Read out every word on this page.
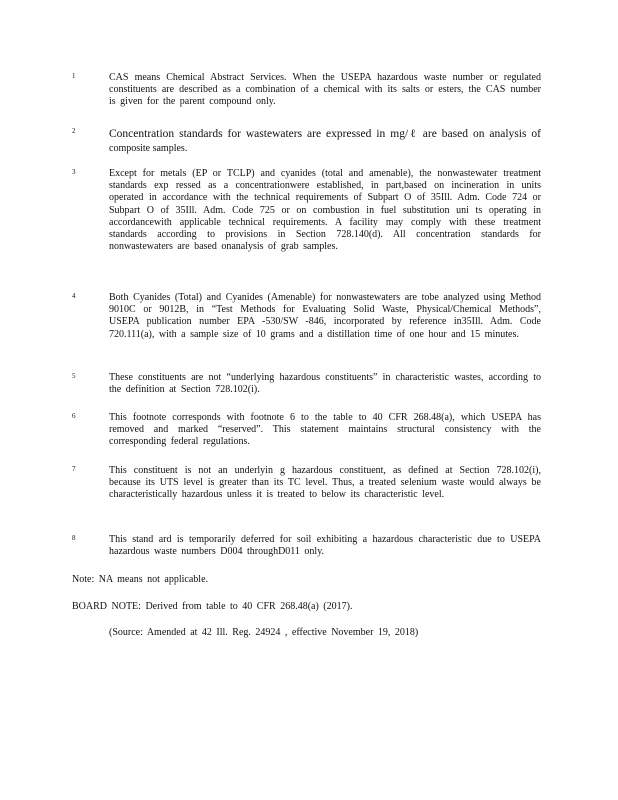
1	CAS means Chemical Abstract Services. When the USEPA hazardous waste number or regulated constituents are described as a combination of a chemical with its salts or esters, the CAS number is given for the parent compound only.

2	Concentration standards for wastewaters are expressed in mg/ℓ are based on analysis of composite samples.

3	Except for metals (EP or TCLP) and cyanides (total and amenable), the nonwastewater treatment standards exp ressed as a concentrationwere established, in part,based on incineration in units operated in accordance with the technical requirements of Subpart O of 35Ill. Adm. Code 724 or Subpart O of 35Ill. Adm. Code 725 or on combustion in fuel substitution uni ts operating in accordancewith applicable technical requirements. A facility may comply with these treatment standards according to provisions in Section 728.140(d). All concentration standards for nonwastewaters are based onanalysis of grab samples.

4	Both Cyanides (Total) and Cyanides (Amenable) for nonwastewaters are tobe analyzed using Method 9010C or 9012B, in “Test Methods for Evaluating Solid Waste, Physical/Chemical Methods”, USEPA publication number EPA -530/SW -846, incorporated by reference in35Ill. Adm. Code 720.111(a), with a sample size of 10 grams and a distillation time of one hour and 15 minutes.

5	These constituents are not “underlying hazardous constituents” in characteristic wastes, according to the definition at Section 728.102(i).

6	This footnote corresponds with footnote 6 to the table to 40 CFR 268.48(a), which USEPA has removed and marked “reserved”. This statement maintains structural consistency with the corresponding federal regulations.

7	This constituent is not an underlyin g hazardous constituent, as defined at Section 728.102(i), because its UTS level is greater than its TC level. Thus, a treated selenium waste would always be characteristically hazardous unless it is treated to below its characteristic level.

8	This stand ard is temporarily deferred for soil exhibiting a hazardous characteristic due to USEPA hazardous waste numbers D004 throughD011 only.

Note: NA means not applicable.

BOARD NOTE: Derived from table to 40 CFR 268.48(a) (2017).

(Source: Amended at 42 Ill. Reg. 24924 , effective November 19, 2018)
